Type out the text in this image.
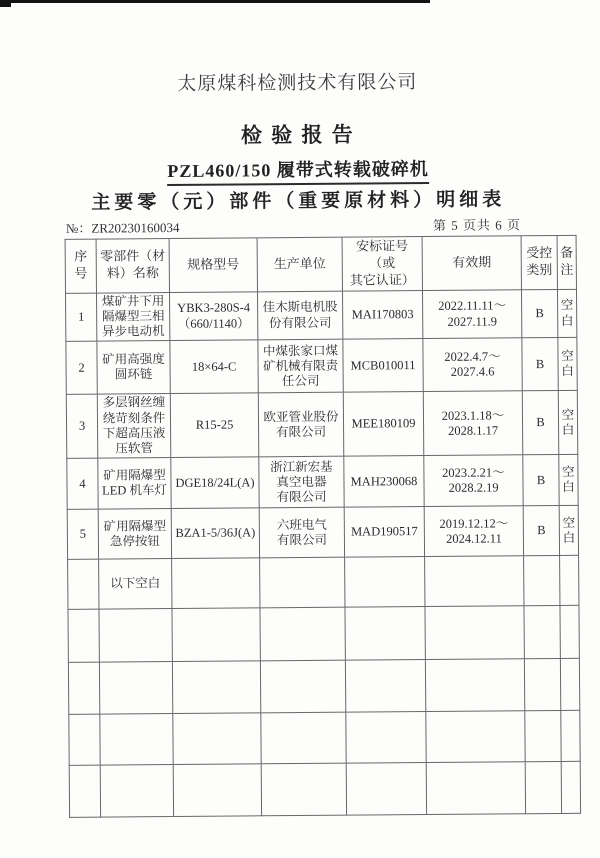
太原煤科检测技术有限公司
检 验 报 告
PZL460/150 履带式转载破碎机
主要零（元）部件（重要原材料）明细表
№：ZR20230160034	第 5 页共 6 页
序
号	零部件（材
料）名称	规格型号	生产单位	安标证号（或
其它认证）	有效期	受控
类别	备
注
1	煤矿井下用
隔爆型三相
异步电动机	YBK3-280S-4
（660/1140）	佳木斯电机股
份有限公司	MAI170803	2022.11.11～
2027.11.9	B	空白
2	矿用高强度
圆环链	18×64-C	中煤张家口煤
矿机械有限责
任公司	MCB010011	2022.4.7～
2027.4.6	B	空白
3	多层钢丝缠
绕苛刻条件
下超高压液
压软管	R15-25	欧亚管业股份
有限公司	MEE180109	2023.1.18～
2028.1.17	B	空白
4	矿用隔爆型
LED 机车灯	DGE18/24L(A)	浙江新宏基
真空电器
有限公司	MAH230068	2023.2.21～
2028.2.19	B	空白
5	矿用隔爆型
急停按钮	BZA1-5/36J(A)	六班电气
有限公司	MAD190517	2019.12.12～
2024.12.11	B	空白
	以下空白						
